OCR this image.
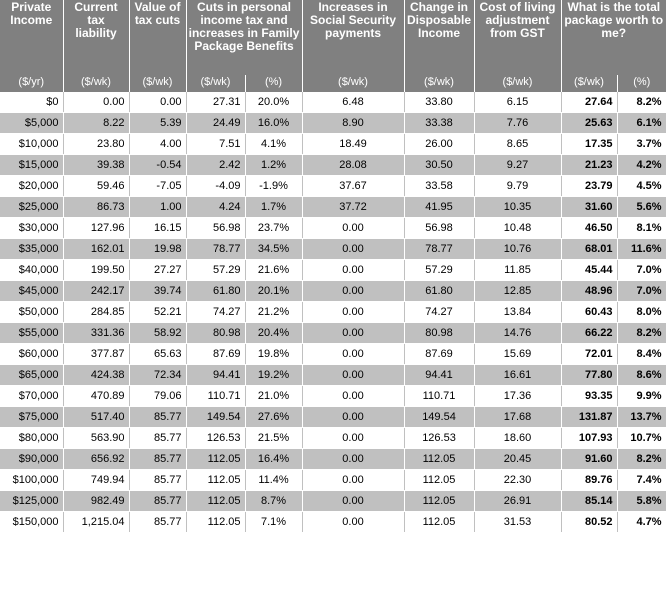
Private Income	Current tax liability	Value of tax cuts	Cuts in personal income tax and increases in Family Package Benefits		Increases in Social Security payments	Change in Disposable Income	Cost of living adjustment from GST	What is the total package worth to me?	
($/yr)	($/wk)	($/wk)	($/wk)	(%)	($/wk)	($/wk)	($/wk)	($/wk)	(%)
$0	0.00	0.00	27.31	20.0%	6.48	33.80	6.15	27.64	8.2%
$5,000	8.22	5.39	24.49	16.0%	8.90	33.38	7.76	25.63	6.1%
$10,000	23.80	4.00	7.51	4.1%	18.49	26.00	8.65	17.35	3.7%
$15,000	39.38	-0.54	2.42	1.2%	28.08	30.50	9.27	21.23	4.2%
$20,000	59.46	-7.05	-4.09	-1.9%	37.67	33.58	9.79	23.79	4.5%
$25,000	86.73	1.00	4.24	1.7%	37.72	41.95	10.35	31.60	5.6%
$30,000	127.96	16.15	56.98	23.7%	0.00	56.98	10.48	46.50	8.1%
$35,000	162.01	19.98	78.77	34.5%	0.00	78.77	10.76	68.01	11.6%
$40,000	199.50	27.27	57.29	21.6%	0.00	57.29	11.85	45.44	7.0%
$45,000	242.17	39.74	61.80	20.1%	0.00	61.80	12.85	48.96	7.0%
$50,000	284.85	52.21	74.27	21.2%	0.00	74.27	13.84	60.43	8.0%
$55,000	331.36	58.92	80.98	20.4%	0.00	80.98	14.76	66.22	8.2%
$60,000	377.87	65.63	87.69	19.8%	0.00	87.69	15.69	72.01	8.4%
$65,000	424.38	72.34	94.41	19.2%	0.00	94.41	16.61	77.80	8.6%
$70,000	470.89	79.06	110.71	21.0%	0.00	110.71	17.36	93.35	9.9%
$75,000	517.40	85.77	149.54	27.6%	0.00	149.54	17.68	131.87	13.7%
$80,000	563.90	85.77	126.53	21.5%	0.00	126.53	18.60	107.93	10.7%
$90,000	656.92	85.77	112.05	16.4%	0.00	112.05	20.45	91.60	8.2%
$100,000	749.94	85.77	112.05	11.4%	0.00	112.05	22.30	89.76	7.4%
$125,000	982.49	85.77	112.05	8.7%	0.00	112.05	26.91	85.14	5.8%
$150,000	1,215.04	85.77	112.05	7.1%	0.00	112.05	31.53	80.52	4.7%
